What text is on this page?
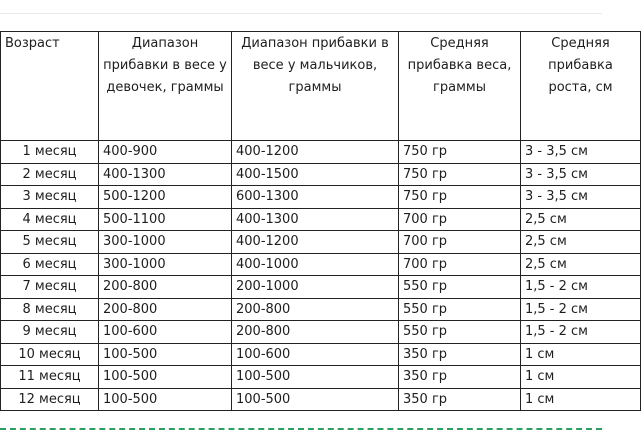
Возраст	Диапазон прибавки в весе у девочек, граммы	Диапазон прибавки в весе у мальчиков, граммы	Средняя прибавка веса, граммы	Средняя прибавка роста, см
1 месяц	400-900	400-1200	750 гр	3 - 3,5 см
2 месяц	400-1300	400-1500	750 гр	3 - 3,5 см
3 месяц	500-1200	600-1300	750 гр	3 - 3,5 см
4 месяц	500-1100	400-1300	700 гр	2,5 см
5 месяц	300-1000	400-1200	700 гр	2,5 см
6 месяц	300-1000	400-1000	700 гр	2,5 см
7 месяц	200-800	200-1000	550 гр	1,5 - 2 см
8 месяц	200-800	200-800	550 гр	1,5 - 2 см
9 месяц	100-600	200-800	550 гр	1,5 - 2 см
10 месяц	100-500	100-600	350 гр	1 см
11 месяц	100-500	100-500	350 гр	1 см
12 месяц	100-500	100-500	350 гр	1 см
